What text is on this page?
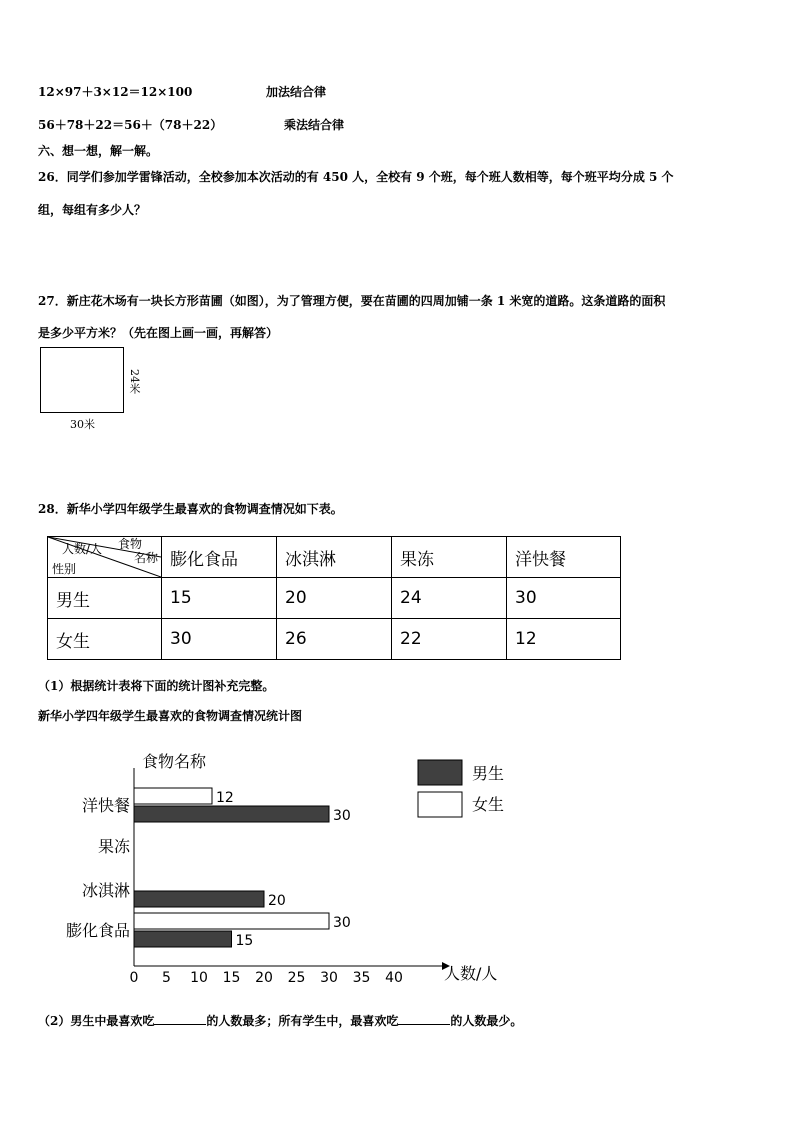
12×97＋3×12＝12×100	加法结合律
56＋78＋22＝56＋（78＋22）	乘法结合律
六、想一想，解一解。
26．同学们参加学雷锋活动，全校参加本次活动的有 450 人，全校有 9 个班，每个班人数相等，每个班平均分成 5 个
组，每组有多少人？
27．新庄花木场有一块长方形苗圃（如图），为了管理方便，要在苗圃的四周加铺一条 1 米宽的道路。这条道路的面积
是多少平方米？（先在图上画一画，再解答）
24米
30米
28．新华小学四年级学生最喜欢的食物调查情况如下表。
食物
名称
人数/人
性别	膨化食品	冰淇淋	果冻	洋快餐
男生	15	20	24	30
女生	30	26	22	12
（1）根据统计表将下面的统计图补充完整。
新华小学四年级学生最喜欢的食物调查情况统计图
食物名称
人数/人
0 5 10 15 20 25 30 35 40
膨化食品
冰淇淋
果冻
洋快餐
15
20
30
30
12
男生
女生
（2）男生中最喜欢吃	的人数最多；所有学生中，最喜欢吃	的人数最少。
